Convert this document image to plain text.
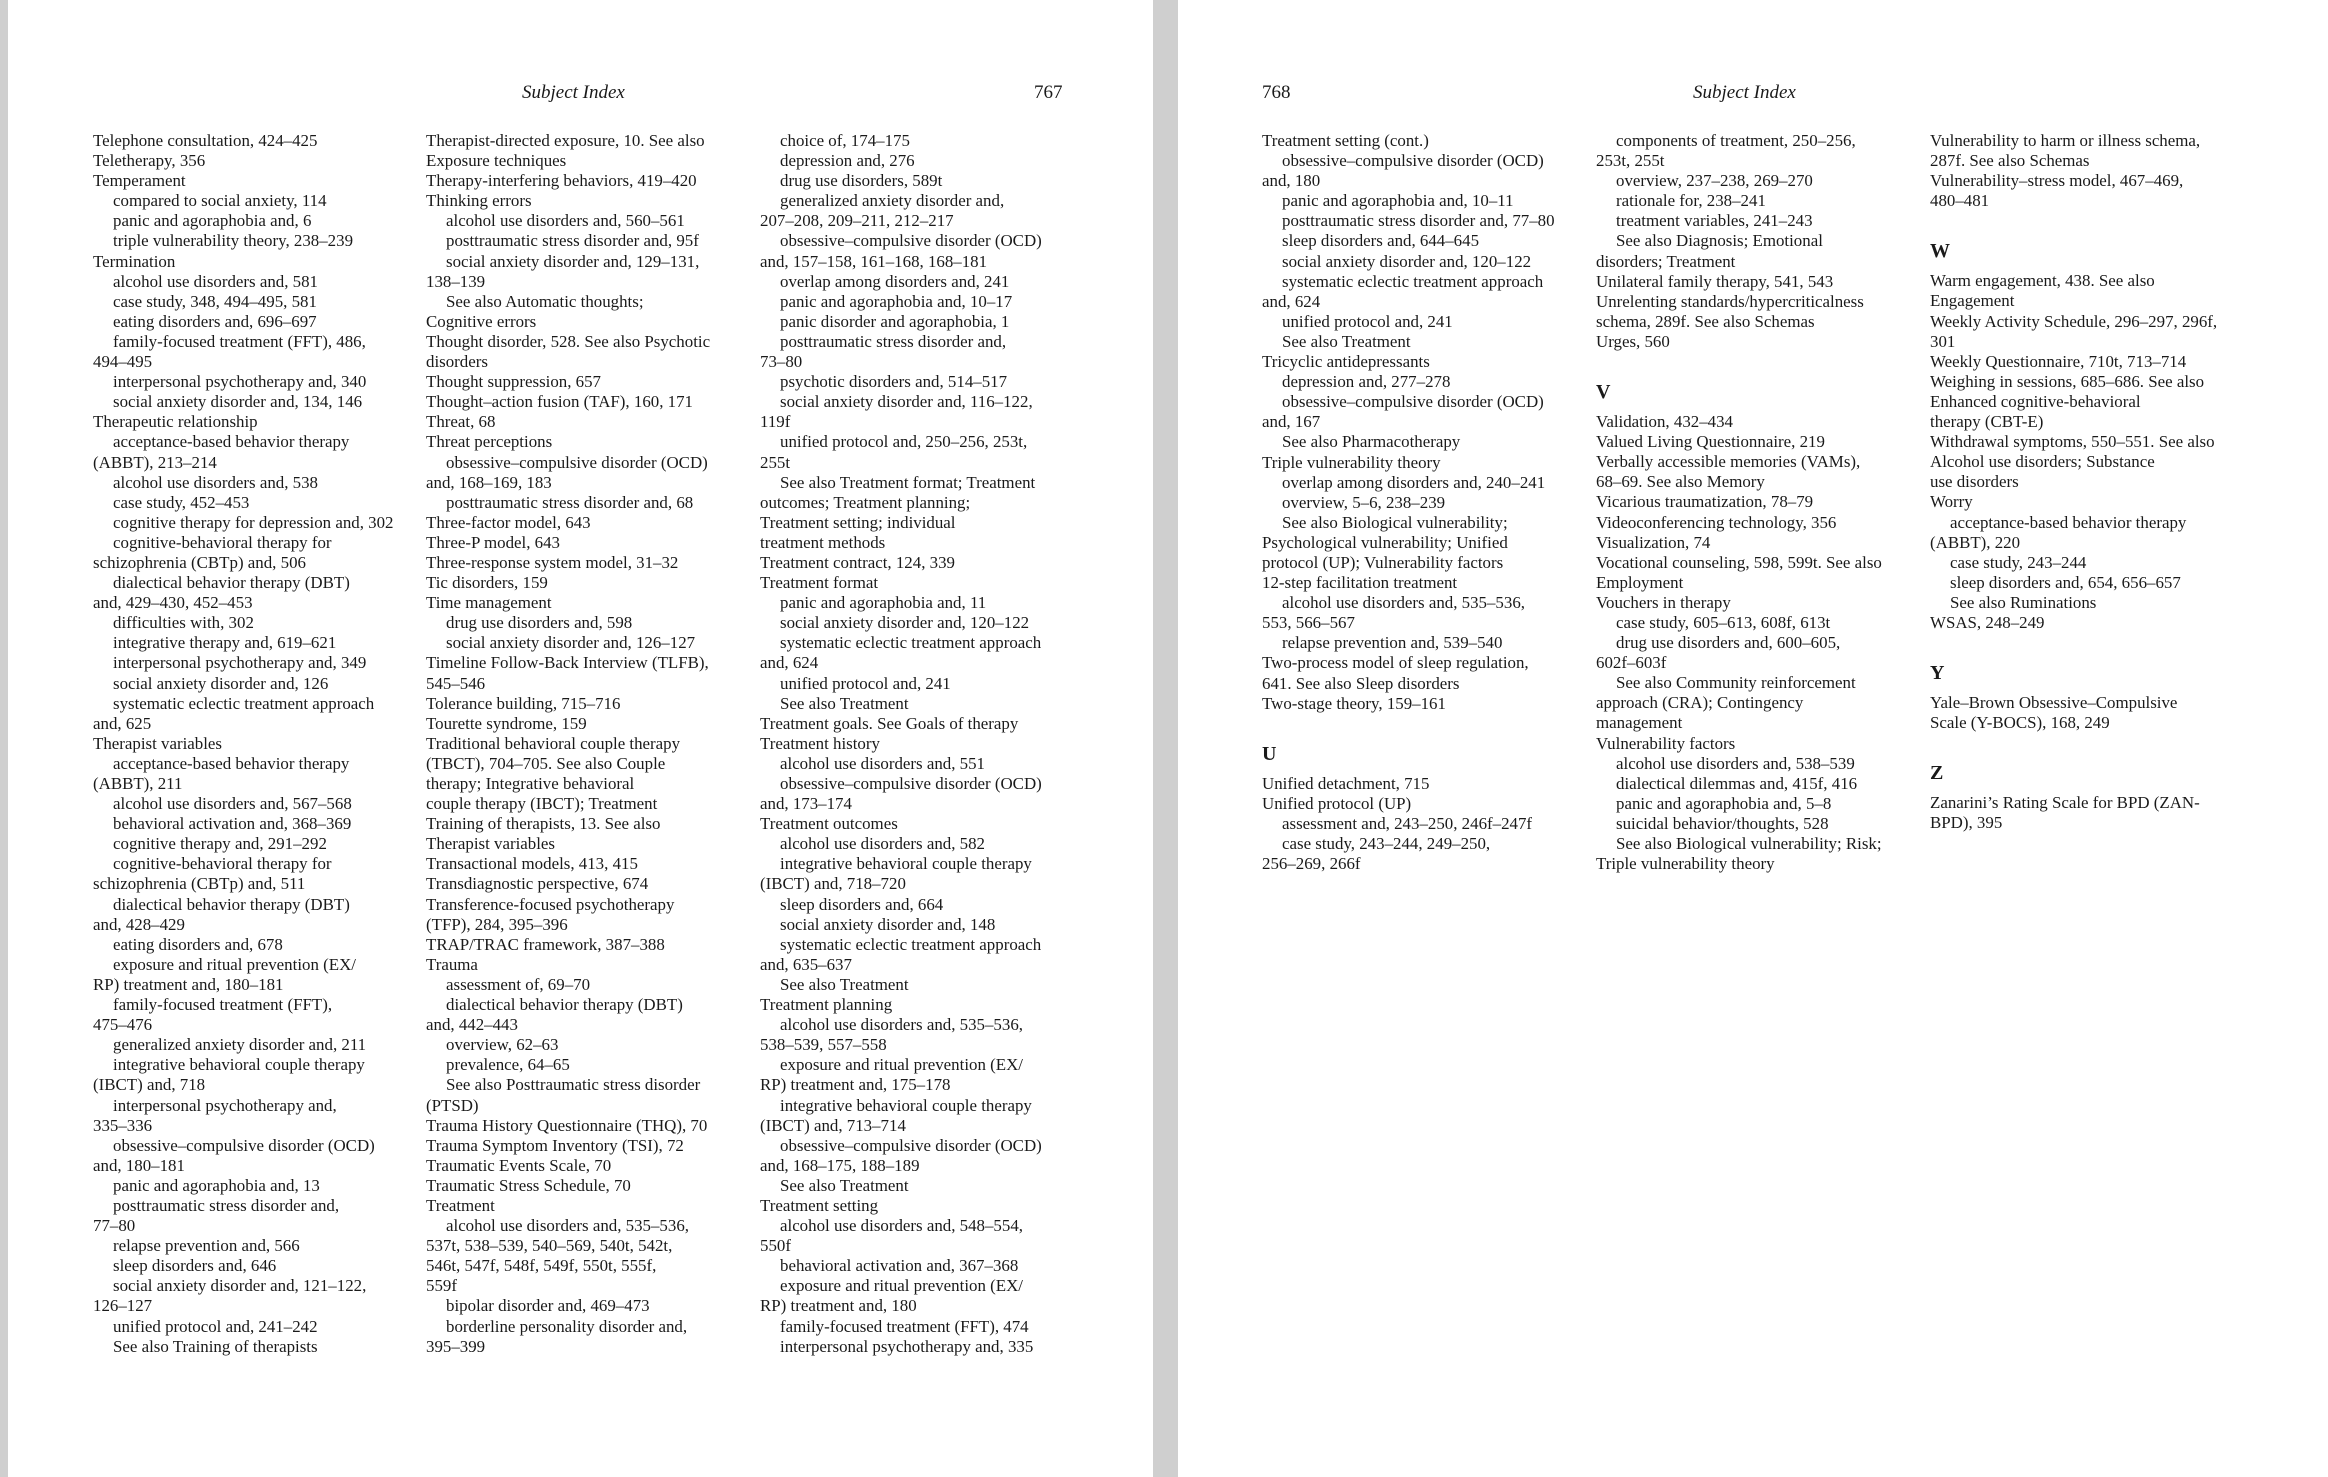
Subject Index	767
Telephone consultation, 424–425
Teletherapy, 356
Temperament
compared to social anxiety, 114
panic and agoraphobia and, 6
triple vulnerability theory, 238–239
Termination
alcohol use disorders and, 581
case study, 348, 494–495, 581
eating disorders and, 696–697
family-focused treatment (FFT), 486,
494–495
interpersonal psychotherapy and, 340
social anxiety disorder and, 134, 146
Therapeutic relationship
acceptance-based behavior therapy
(ABBT), 213–214
alcohol use disorders and, 538
case study, 452–453
cognitive therapy for depression and, 302
cognitive-behavioral therapy for
schizophrenia (CBTp) and, 506
dialectical behavior therapy (DBT)
and, 429–430, 452–453
difficulties with, 302
integrative therapy and, 619–621
interpersonal psychotherapy and, 349
social anxiety disorder and, 126
systematic eclectic treatment approach
and, 625
Therapist variables
acceptance-based behavior therapy
(ABBT), 211
alcohol use disorders and, 567–568
behavioral activation and, 368–369
cognitive therapy and, 291–292
cognitive-behavioral therapy for
schizophrenia (CBTp) and, 511
dialectical behavior therapy (DBT)
and, 428–429
eating disorders and, 678
exposure and ritual prevention (EX/
RP) treatment and, 180–181
family-focused treatment (FFT),
475–476
generalized anxiety disorder and, 211
integrative behavioral couple therapy
(IBCT) and, 718
interpersonal psychotherapy and,
335–336
obsessive–compulsive disorder (OCD)
and, 180–181
panic and agoraphobia and, 13
posttraumatic stress disorder and,
77–80
relapse prevention and, 566
sleep disorders and, 646
social anxiety disorder and, 121–122,
126–127
unified protocol and, 241–242
See also Training of therapists
Therapist-directed exposure, 10. See also
Exposure techniques
Therapy-interfering behaviors, 419–420
Thinking errors
alcohol use disorders and, 560–561
posttraumatic stress disorder and, 95f
social anxiety disorder and, 129–131,
138–139
See also Automatic thoughts;
Cognitive errors
Thought disorder, 528. See also Psychotic
disorders
Thought suppression, 657
Thought–action fusion (TAF), 160, 171
Threat, 68
Threat perceptions
obsessive–compulsive disorder (OCD)
and, 168–169, 183
posttraumatic stress disorder and, 68
Three-factor model, 643
Three-P model, 643
Three-response system model, 31–32
Tic disorders, 159
Time management
drug use disorders and, 598
social anxiety disorder and, 126–127
Timeline Follow-Back Interview (TLFB),
545–546
Tolerance building, 715–716
Tourette syndrome, 159
Traditional behavioral couple therapy
(TBCT), 704–705. See also Couple
therapy; Integrative behavioral
couple therapy (IBCT); Treatment
Training of therapists, 13. See also
Therapist variables
Transactional models, 413, 415
Transdiagnostic perspective, 674
Transference-focused psychotherapy
(TFP), 284, 395–396
TRAP/TRAC framework, 387–388
Trauma
assessment of, 69–70
dialectical behavior therapy (DBT)
and, 442–443
overview, 62–63
prevalence, 64–65
See also Posttraumatic stress disorder
(PTSD)
Trauma History Questionnaire (THQ), 70
Trauma Symptom Inventory (TSI), 72
Traumatic Events Scale, 70
Traumatic Stress Schedule, 70
Treatment
alcohol use disorders and, 535–536,
537t, 538–539, 540–569, 540t, 542t,
546t, 547f, 548f, 549f, 550t, 555f,
559f
bipolar disorder and, 469–473
borderline personality disorder and,
395–399
choice of, 174–175
depression and, 276
drug use disorders, 589t
generalized anxiety disorder and,
207–208, 209–211, 212–217
obsessive–compulsive disorder (OCD)
and, 157–158, 161–168, 168–181
overlap among disorders and, 241
panic and agoraphobia and, 10–17
panic disorder and agoraphobia, 1
posttraumatic stress disorder and,
73–80
psychotic disorders and, 514–517
social anxiety disorder and, 116–122,
119f
unified protocol and, 250–256, 253t,
255t
See also Treatment format; Treatment
outcomes; Treatment planning;
Treatment setting; individual
treatment methods
Treatment contract, 124, 339
Treatment format
panic and agoraphobia and, 11
social anxiety disorder and, 120–122
systematic eclectic treatment approach
and, 624
unified protocol and, 241
See also Treatment
Treatment goals. See Goals of therapy
Treatment history
alcohol use disorders and, 551
obsessive–compulsive disorder (OCD)
and, 173–174
Treatment outcomes
alcohol use disorders and, 582
integrative behavioral couple therapy
(IBCT) and, 718–720
sleep disorders and, 664
social anxiety disorder and, 148
systematic eclectic treatment approach
and, 635–637
See also Treatment
Treatment planning
alcohol use disorders and, 535–536,
538–539, 557–558
exposure and ritual prevention (EX/
RP) treatment and, 175–178
integrative behavioral couple therapy
(IBCT) and, 713–714
obsessive–compulsive disorder (OCD)
and, 168–175, 188–189
See also Treatment
Treatment setting
alcohol use disorders and, 548–554,
550f
behavioral activation and, 367–368
exposure and ritual prevention (EX/
RP) treatment and, 180
family-focused treatment (FFT), 474
interpersonal psychotherapy and, 335
768	Subject Index
Treatment setting (cont.)
obsessive–compulsive disorder (OCD)
and, 180
panic and agoraphobia and, 10–11
posttraumatic stress disorder and, 77–80
sleep disorders and, 644–645
social anxiety disorder and, 120–122
systematic eclectic treatment approach
and, 624
unified protocol and, 241
See also Treatment
Tricyclic antidepressants
depression and, 277–278
obsessive–compulsive disorder (OCD)
and, 167
See also Pharmacotherapy
Triple vulnerability theory
overlap among disorders and, 240–241
overview, 5–6, 238–239
See also Biological vulnerability;
Psychological vulnerability; Unified
protocol (UP); Vulnerability factors
12-step facilitation treatment
alcohol use disorders and, 535–536,
553, 566–567
relapse prevention and, 539–540
Two-process model of sleep regulation,
641. See also Sleep disorders
Two-stage theory, 159–161
U
Unified detachment, 715
Unified protocol (UP)
assessment and, 243–250, 246f–247f
case study, 243–244, 249–250,
256–269, 266f
components of treatment, 250–256,
253t, 255t
overview, 237–238, 269–270
rationale for, 238–241
treatment variables, 241–243
See also Diagnosis; Emotional
disorders; Treatment
Unilateral family therapy, 541, 543
Unrelenting standards/hypercriticalness
schema, 289f. See also Schemas
Urges, 560
V
Validation, 432–434
Valued Living Questionnaire, 219
Verbally accessible memories (VAMs),
68–69. See also Memory
Vicarious traumatization, 78–79
Videoconferencing technology, 356
Visualization, 74
Vocational counseling, 598, 599t. See also
Employment
Vouchers in therapy
case study, 605–613, 608f, 613t
drug use disorders and, 600–605,
602f–603f
See also Community reinforcement
approach (CRA); Contingency
management
Vulnerability factors
alcohol use disorders and, 538–539
dialectical dilemmas and, 415f, 416
panic and agoraphobia and, 5–8
suicidal behavior/thoughts, 528
See also Biological vulnerability; Risk;
Triple vulnerability theory
Vulnerability to harm or illness schema,
287f. See also Schemas
Vulnerability–stress model, 467–469,
480–481
W
Warm engagement, 438. See also
Engagement
Weekly Activity Schedule, 296–297, 296f,
301
Weekly Questionnaire, 710t, 713–714
Weighing in sessions, 685–686. See also
Enhanced cognitive-behavioral
therapy (CBT-E)
Withdrawal symptoms, 550–551. See also
Alcohol use disorders; Substance
use disorders
Worry
acceptance-based behavior therapy
(ABBT), 220
case study, 243–244
sleep disorders and, 654, 656–657
See also Ruminations
WSAS, 248–249
Y
Yale–Brown Obsessive–Compulsive
Scale (Y-BOCS), 168, 249
Z
Zanarini’s Rating Scale for BPD (ZAN-
BPD), 395
